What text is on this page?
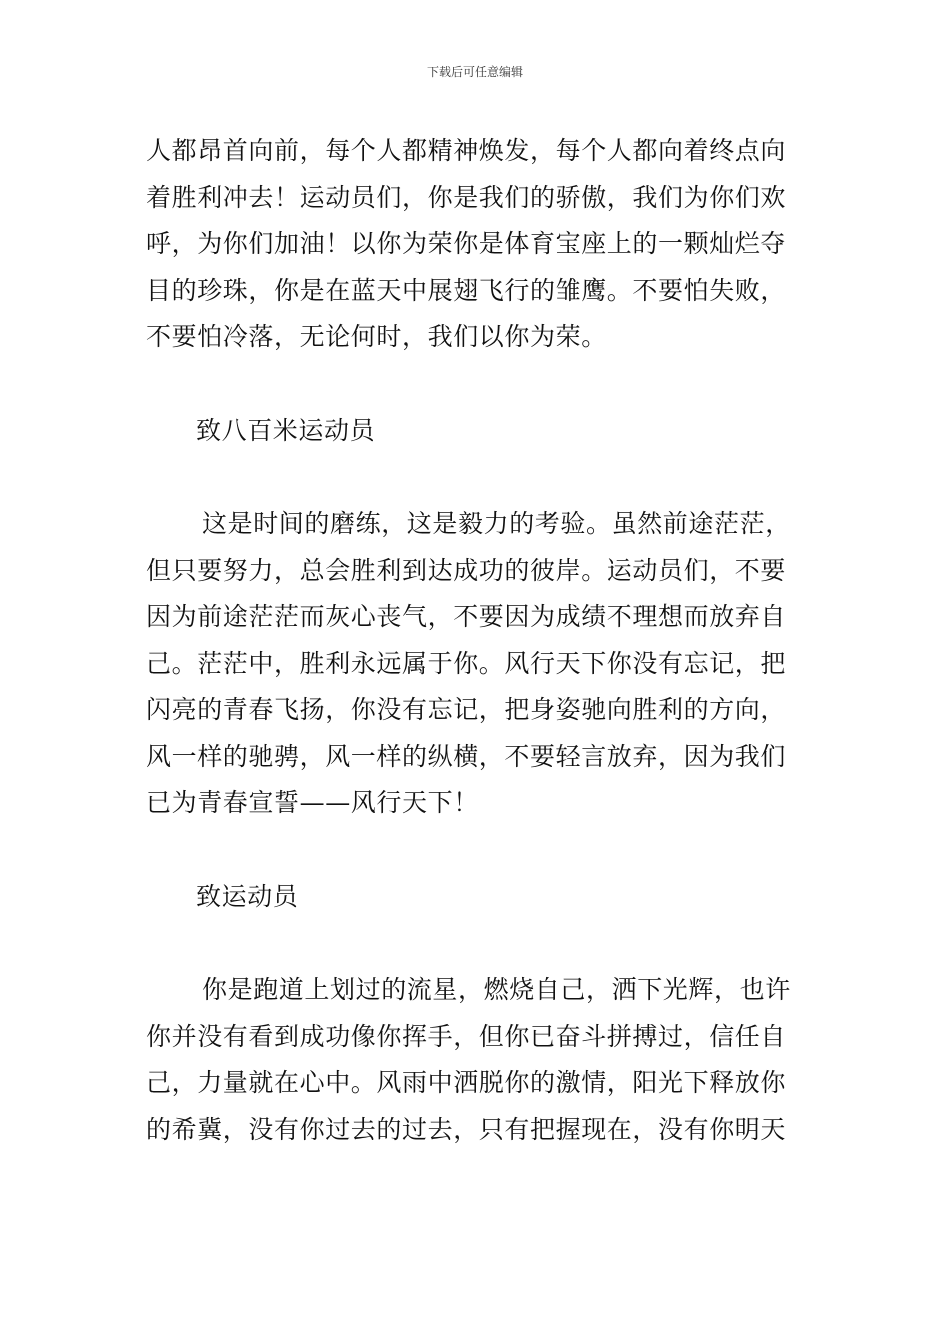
下载后可任意编辑
人都昂首向前，每个人都精神焕发，每个人都向着终点向
着胜利冲去！运动员们，你是我们的骄傲，我们为你们欢
呼，为你们加油！以你为荣你是体育宝座上的一颗灿烂夺
目的珍珠，你是在蓝天中展翅飞行的雏鹰。不要怕失败，
不要怕冷落，无论何时，我们以你为荣。
致八百米运动员
这是时间的磨练，这是毅力的考验。虽然前途茫茫，
但只要努力，总会胜利到达成功的彼岸。运动员们，不要
因为前途茫茫而灰心丧气，不要因为成绩不理想而放弃自
己。茫茫中，胜利永远属于你。风行天下你没有忘记，把
闪亮的青春飞扬，你没有忘记，把身姿驰向胜利的方向，
风一样的驰骋，风一样的纵横，不要轻言放弃，因为我们
已为青春宣誓——风行天下！
致运动员
你是跑道上划过的流星，燃烧自己，洒下光辉，也许
你并没有看到成功像你挥手，但你已奋斗拼搏过，信任自
己，力量就在心中。风雨中洒脱你的激情，阳光下释放你
的希冀，没有你过去的过去，只有把握现在，没有你明天
